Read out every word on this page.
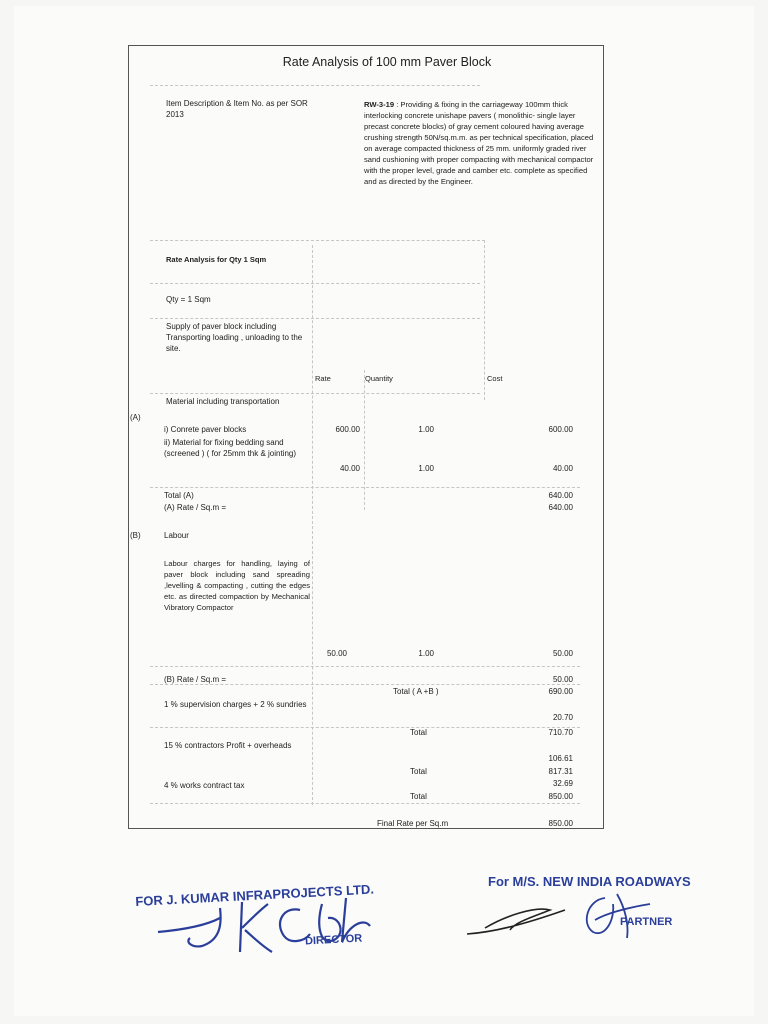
Rate Analysis of 100 mm Paver Block
Item Description & Item No. as per SOR 2013
RW-3-19 : Providing & fixing in the carriageway 100mm thick interlocking concrete unishape pavers ( monolithic- single layer precast concrete blocks) of gray cement coloured having average crushing strength 50N/sq.m.m. as per technical specification, placed on average compacted thickness of 25 mm. uniformly graded river sand cushioning with proper compacting with mechanical compactor with the proper level, grade and camber etc. complete as specified and as directed by the Engineer.
Rate Analysis for Qty 1 Sqm
Qty = 1 Sqm
Supply of paver block including Transporting loading , unloading to the site.
Rate	Quantity	Cost
(A)
Material including transportation
i) Conrete paver blocks	600.00	1.00	600.00
ii) Material for fixing bedding sand (screened ) ( for 25mm thk & jointing)
40.00	1.00	40.00
Total (A)	640.00
(A) Rate / Sq.m =	640.00
(B)	Labour
Labour charges for handling, laying of paver block including sand spreading ,levelling & compacting , cutting the edges etc. as directed compaction by Mechanical Vibratory Compactor
50.00	1.00	50.00
(B) Rate / Sq.m =	50.00
Total ( A +B )	690.00
1 % supervision charges + 2 % sundries
20.70
Total	710.70
15 % contractors Profit + overheads
106.61
Total	817.31
4 % works contract tax	32.69
Total	850.00
Final Rate per Sq.m	850.00
FOR J. KUMAR INFRAPROJECTS LTD.
DIRECTOR
For M/S. NEW INDIA ROADWAYS
PARTNER
